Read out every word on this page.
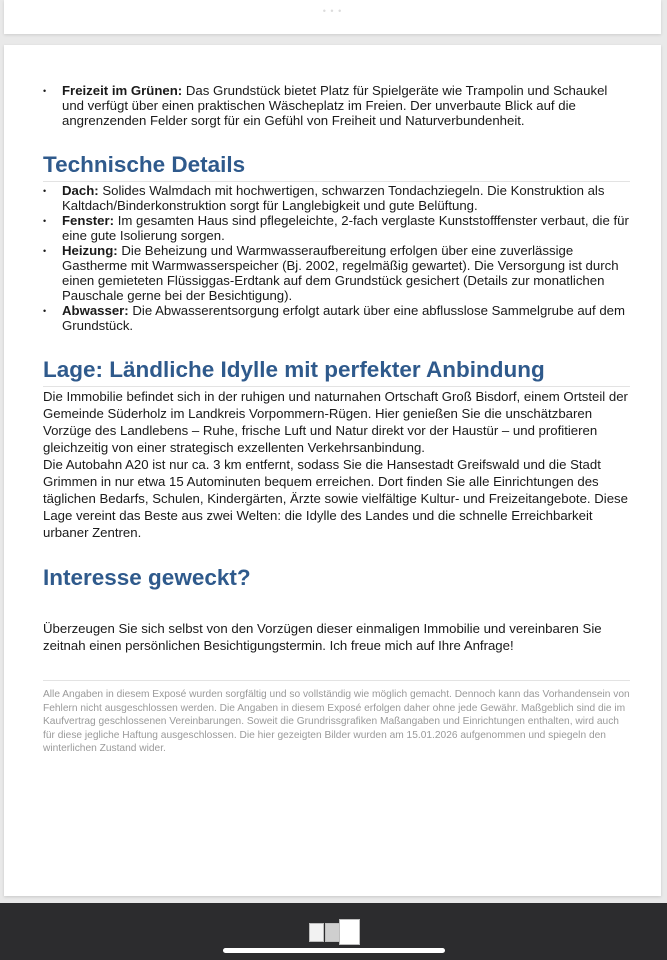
• • •
• Freizeit im Grünen: Das Grundstück bietet Platz für Spielgeräte wie Trampolin und Schaukel und verfügt über einen praktischen Wäscheplatz im Freien. Der unverbaute Blick auf die angrenzenden Felder sorgt für ein Gefühl von Freiheit und Naturverbundenheit.
Technische Details
• Dach: Solides Walmdach mit hochwertigen, schwarzen Tondachziegeln. Die Konstruktion als Kaltdach/Binderkonstruktion sorgt für Langlebigkeit und gute Belüftung.
• Fenster: Im gesamten Haus sind pflegeleichte, 2-fach verglaste Kunststofffenster verbaut, die für eine gute Isolierung sorgen.
• Heizung: Die Beheizung und Warmwasseraufbereitung erfolgen über eine zuverlässige Gastherme mit Warmwasserspeicher (Bj. 2002, regelmäßig gewartet). Die Versorgung ist durch einen gemieteten Flüssiggas-Erdtank auf dem Grundstück gesichert (Details zur monatlichen Pauschale gerne bei der Besichtigung).
• Abwasser: Die Abwasserentsorgung erfolgt autark über eine abflusslose Sammelgrube auf dem Grundstück.
Lage: Ländliche Idylle mit perfekter Anbindung

Die Immobilie befindet sich in der ruhigen und naturnahen Ortschaft Groß Bisdorf, einem Ortsteil der Gemeinde Süderholz im Landkreis Vorpommern-Rügen. Hier genießen Sie die unschätzbaren Vorzüge des Landlebens – Ruhe, frische Luft und Natur direkt vor der Haustür – und profitieren gleichzeitig von einer strategisch exzellenten Verkehrsanbindung.

Die Autobahn A20 ist nur ca. 3 km entfernt, sodass Sie die Hansestadt Greifswald und die Stadt Grimmen in nur etwa 15 Autominuten bequem erreichen. Dort finden Sie alle Einrichtungen des täglichen Bedarfs, Schulen, Kindergärten, Ärzte sowie vielfältige Kultur- und Freizeitangebote. Diese Lage vereint das Beste aus zwei Welten: die Idylle des Landes und die schnelle Erreichbarkeit urbaner Zentren.

Interesse geweckt?

Überzeugen Sie sich selbst von den Vorzügen dieser einmaligen Immobilie und vereinbaren Sie zeitnah einen persönlichen Besichtigungstermin. Ich freue mich auf Ihre Anfrage!

Alle Angaben in diesem Exposé wurden sorgfältig und so vollständig wie möglich gemacht. Dennoch kann das Vorhandensein von Fehlern nicht ausgeschlossen werden. Die Angaben in diesem Exposé erfolgen daher ohne jede Gewähr. Maßgeblich sind die im Kaufvertrag geschlossenen Vereinbarungen. Soweit die Grundrissgrafiken Maßangaben und Einrichtungen enthalten, wird auch für diese jegliche Haftung ausgeschlossen. Die hier gezeigten Bilder wurden am 15.01.2026 aufgenommen und spiegeln den winterlichen Zustand wider.
